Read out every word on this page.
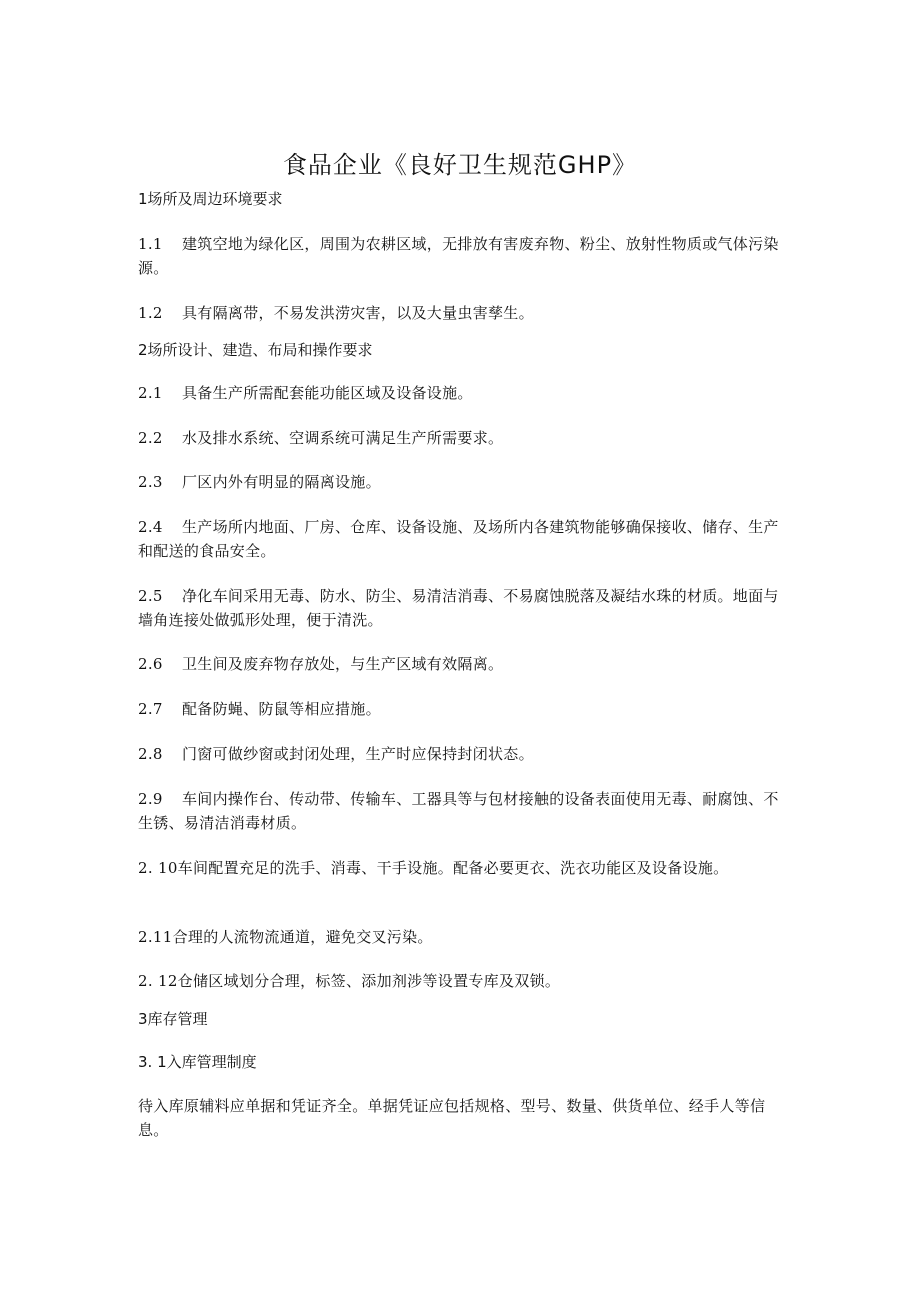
食品企业《良好卫生规范GHP》
1场所及周边环境要求
1.1 建筑空地为绿化区，周围为农耕区域，无排放有害废弃物、粉尘、放射性物质或气体污染源。
1.2 具有隔离带，不易发洪涝灾害，以及大量虫害孳生。
2场所设计、建造、布局和操作要求
2.1 具备生产所需配套能功能区域及设备设施。
2.2 水及排水系统、空调系统可满足生产所需要求。
2.3 厂区内外有明显的隔离设施。
2.4 生产场所内地面、厂房、仓库、设备设施、及场所内各建筑物能够确保接收、储存、生产和配送的食品安全。
2.5 净化车间采用无毒、防水、防尘、易清洁消毒、不易腐蚀脱落及凝结水珠的材质。地面与墙角连接处做弧形处理，便于清洗。
2.6 卫生间及废弃物存放处，与生产区域有效隔离。
2.7 配备防蝇、防鼠等相应措施。
2.8 门窗可做纱窗或封闭处理，生产时应保持封闭状态。
2.9 车间内操作台、传动带、传输车、工器具等与包材接触的设备表面使用无毒、耐腐蚀、不生锈、易清洁消毒材质。
2. 10车间配置充足的洗手、消毒、干手设施。配备必要更衣、洗衣功能区及设备设施。
2.11合理的人流物流通道，避免交叉污染。
2. 12仓储区域划分合理，标签、添加剂涉等设置专库及双锁。
3库存管理
3. 1入库管理制度
待入库原辅料应单据和凭证齐全。单据凭证应包括规格、型号、数量、供货单位、经手人等信息。
